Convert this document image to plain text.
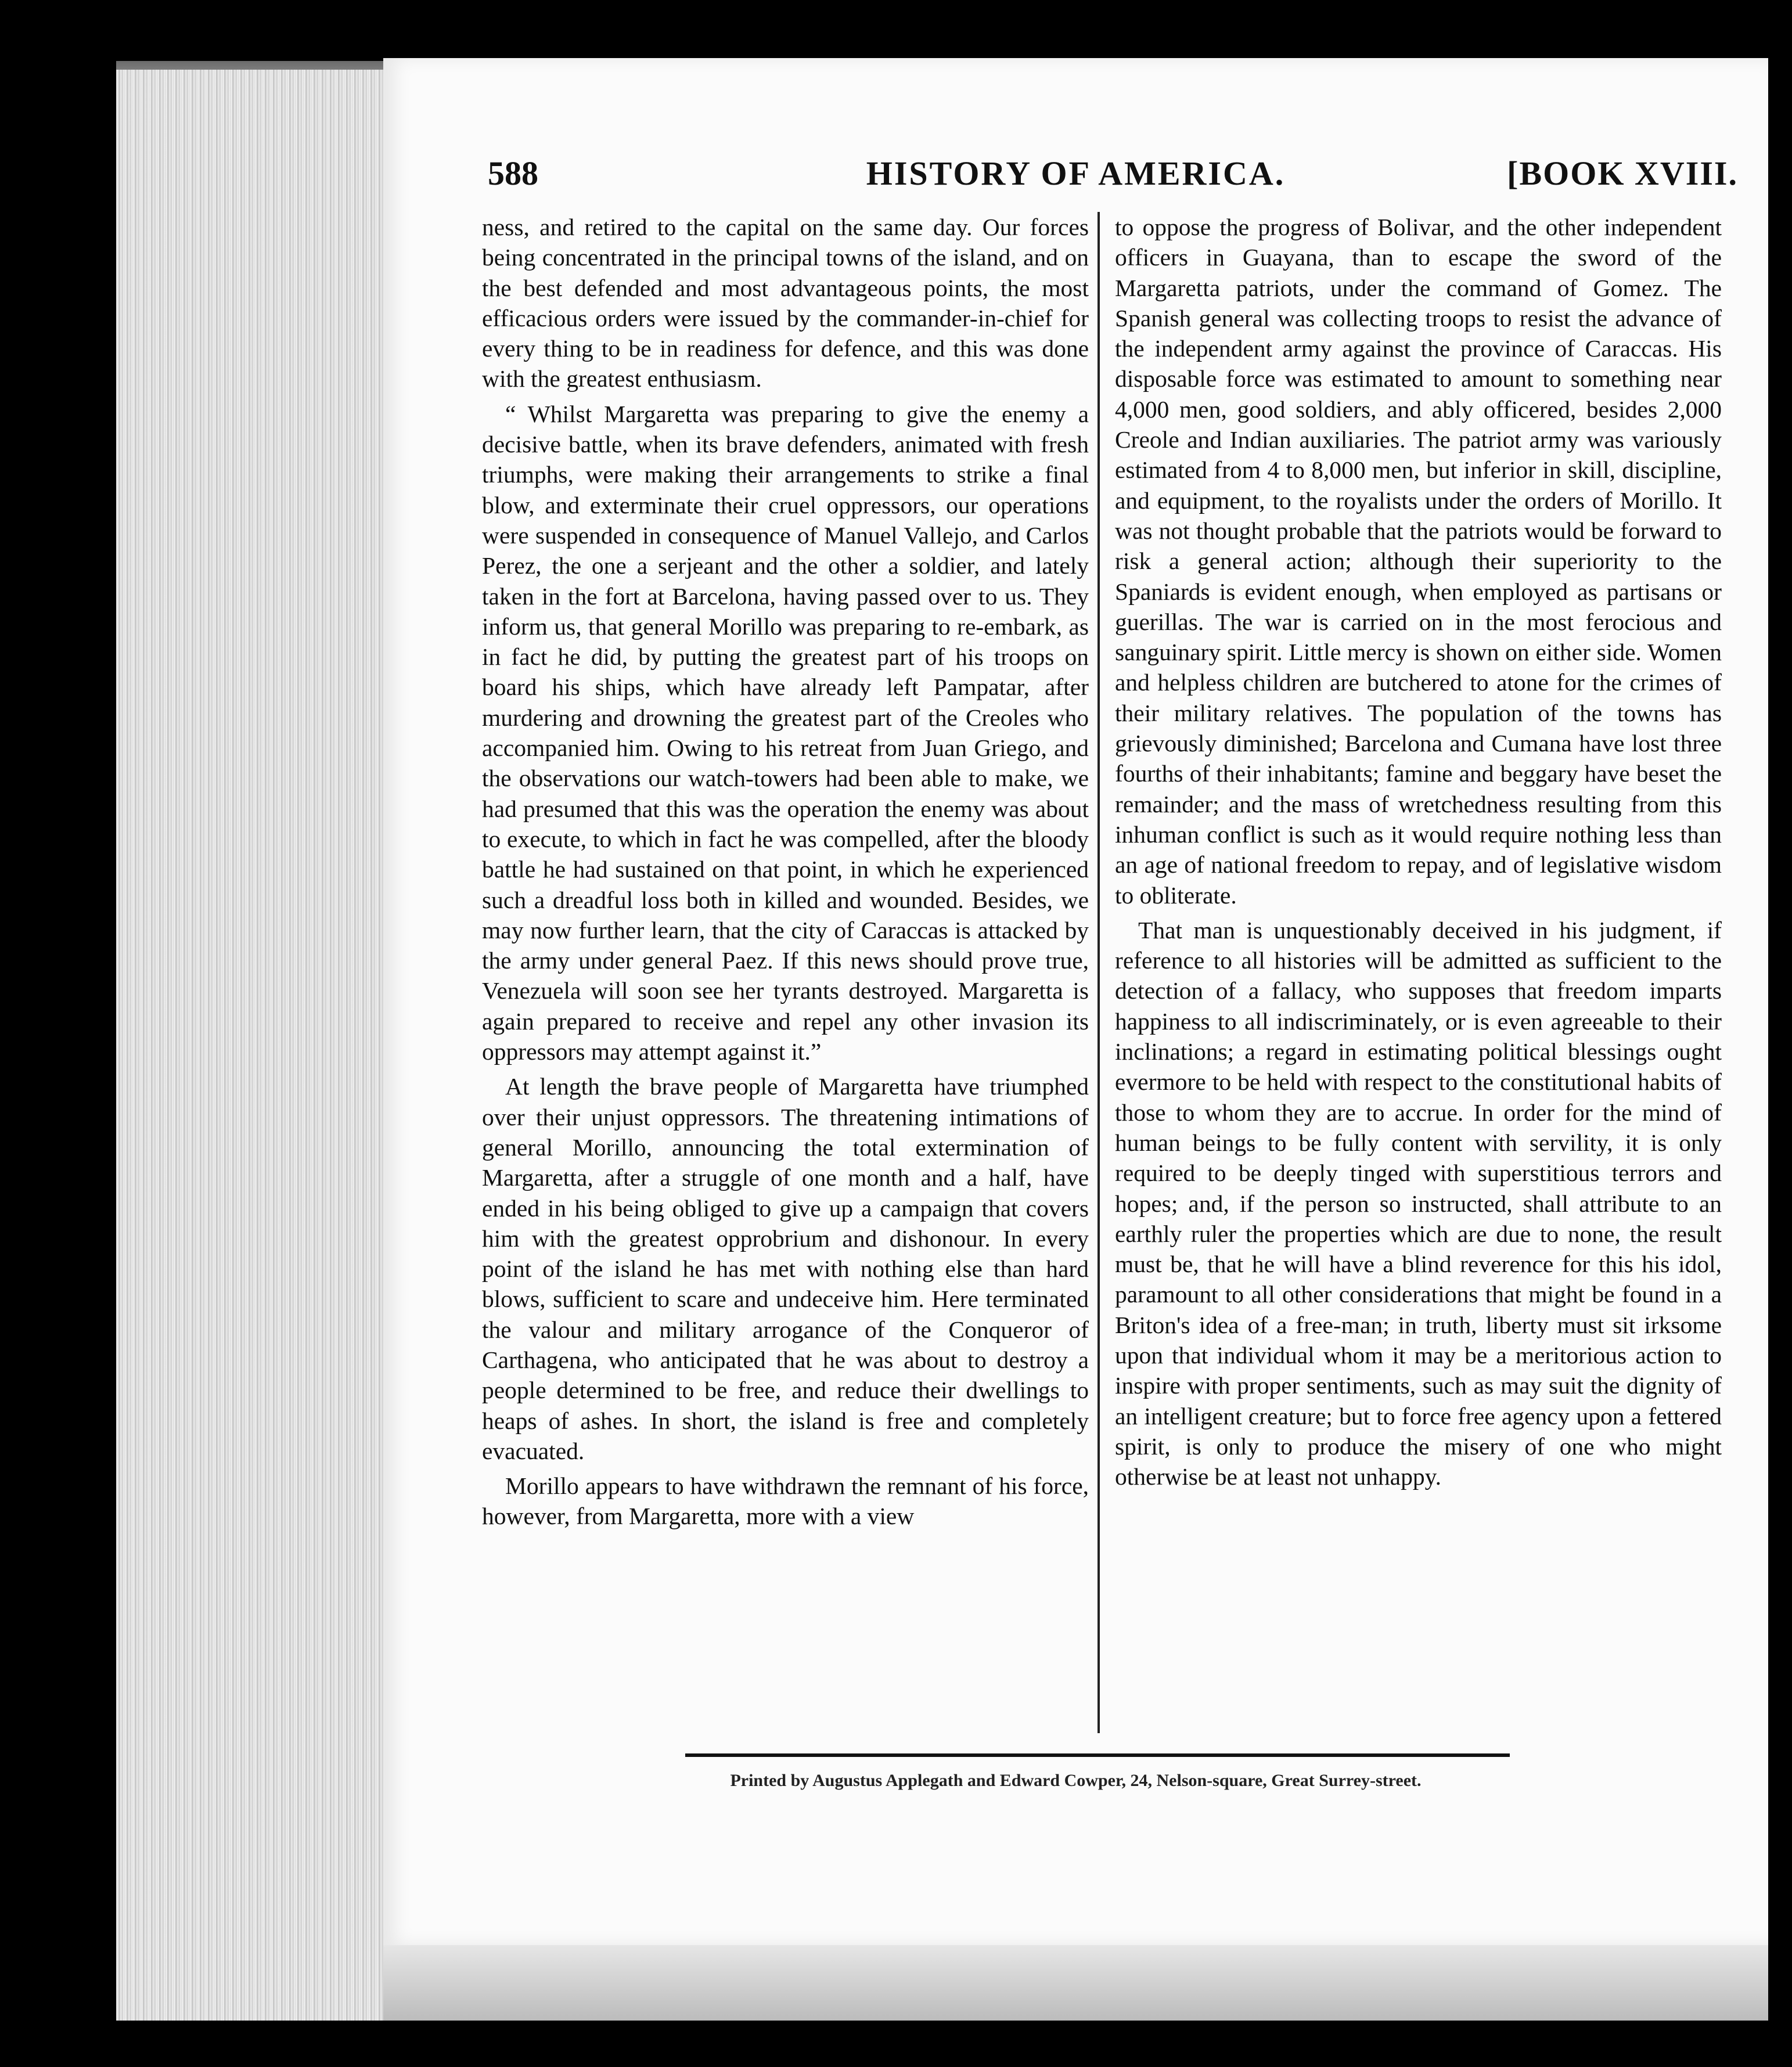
588	HISTORY OF AMERICA.	[BOOK XVIII.

ness, and retired to the capital on the same day. Our forces being concentrated in the principal towns of the island, and on the best defended and most advantageous points, the most efficacious orders were issued by the commander-in-chief for every thing to be in readiness for defence, and this was done with the greatest enthusiasm.

“ Whilst Margaretta was preparing to give the enemy a decisive battle, when its brave defenders, animated with fresh triumphs, were making their arrangements to strike a final blow, and exterminate their cruel oppressors, our operations were suspended in consequence of Manuel Vallejo, and Carlos Perez, the one a serjeant and the other a soldier, and lately taken in the fort at Barcelona, having passed over to us. They inform us, that general Morillo was preparing to re-embark, as in fact he did, by putting the greatest part of his troops on board his ships, which have already left Pampatar, after murdering and drowning the greatest part of the Creoles who accompanied him. Owing to his retreat from Juan Griego, and the observations our watch-towers had been able to make, we had presumed that this was the operation the enemy was about to execute, to which in fact he was compelled, after the bloody battle he had sustained on that point, in which he experienced such a dreadful loss both in killed and wounded. Besides, we may now further learn, that the city of Caraccas is attacked by the army under general Paez. If this news should prove true, Venezuela will soon see her tyrants destroyed. Margaretta is again prepared to receive and repel any other invasion its oppressors may attempt against it.”

At length the brave people of Margaretta have triumphed over their unjust oppressors. The threatening intimations of general Morillo, announcing the total extermination of Margaretta, after a struggle of one month and a half, have ended in his being obliged to give up a campaign that covers him with the greatest opprobrium and dishonour. In every point of the island he has met with nothing else than hard blows, sufficient to scare and undeceive him. Here terminated the valour and military arrogance of the Conqueror of Carthagena, who anticipated that he was about to destroy a people determined to be free, and reduce their dwellings to heaps of ashes. In short, the island is free and completely evacuated.

Morillo appears to have withdrawn the remnant of his force, however, from Margaretta, more with a view

to oppose the progress of Bolivar, and the other independent officers in Guayana, than to escape the sword of the Margaretta patriots, under the command of Gomez. The Spanish general was collecting troops to resist the advance of the independent army against the province of Caraccas. His disposable force was estimated to amount to something near 4,000 men, good soldiers, and ably officered, besides 2,000 Creole and Indian auxiliaries. The patriot army was variously estimated from 4 to 8,000 men, but inferior in skill, discipline, and equipment, to the royalists under the orders of Morillo. It was not thought probable that the patriots would be forward to risk a general action; although their superiority to the Spaniards is evident enough, when employed as partisans or guerillas. The war is carried on in the most ferocious and sanguinary spirit. Little mercy is shown on either side. Women and helpless children are butchered to atone for the crimes of their military relatives. The population of the towns has grievously diminished; Barcelona and Cumana have lost three fourths of their inhabitants; famine and beggary have beset the remainder; and the mass of wretchedness resulting from this inhuman conflict is such as it would require nothing less than an age of national freedom to repay, and of legislative wisdom to obliterate.

That man is unquestionably deceived in his judgment, if reference to all histories will be admitted as sufficient to the detection of a fallacy, who supposes that freedom imparts happiness to all indiscriminately, or is even agreeable to their inclinations; a regard in estimating political blessings ought evermore to be held with respect to the constitutional habits of those to whom they are to accrue. In order for the mind of human beings to be fully content with servility, it is only required to be deeply tinged with superstitious terrors and hopes; and, if the person so instructed, shall attribute to an earthly ruler the properties which are due to none, the result must be, that he will have a blind reverence for this his idol, paramount to all other considerations that might be found in a Briton's idea of a free-man; in truth, liberty must sit irksome upon that individual whom it may be a meritorious action to inspire with proper sentiments, such as may suit the dignity of an intelligent creature; but to force free agency upon a fettered spirit, is only to produce the misery of one who might otherwise be at least not unhappy.

Printed by Augustus Applegath and Edward Cowper, 24, Nelson-square, Great Surrey-street.
